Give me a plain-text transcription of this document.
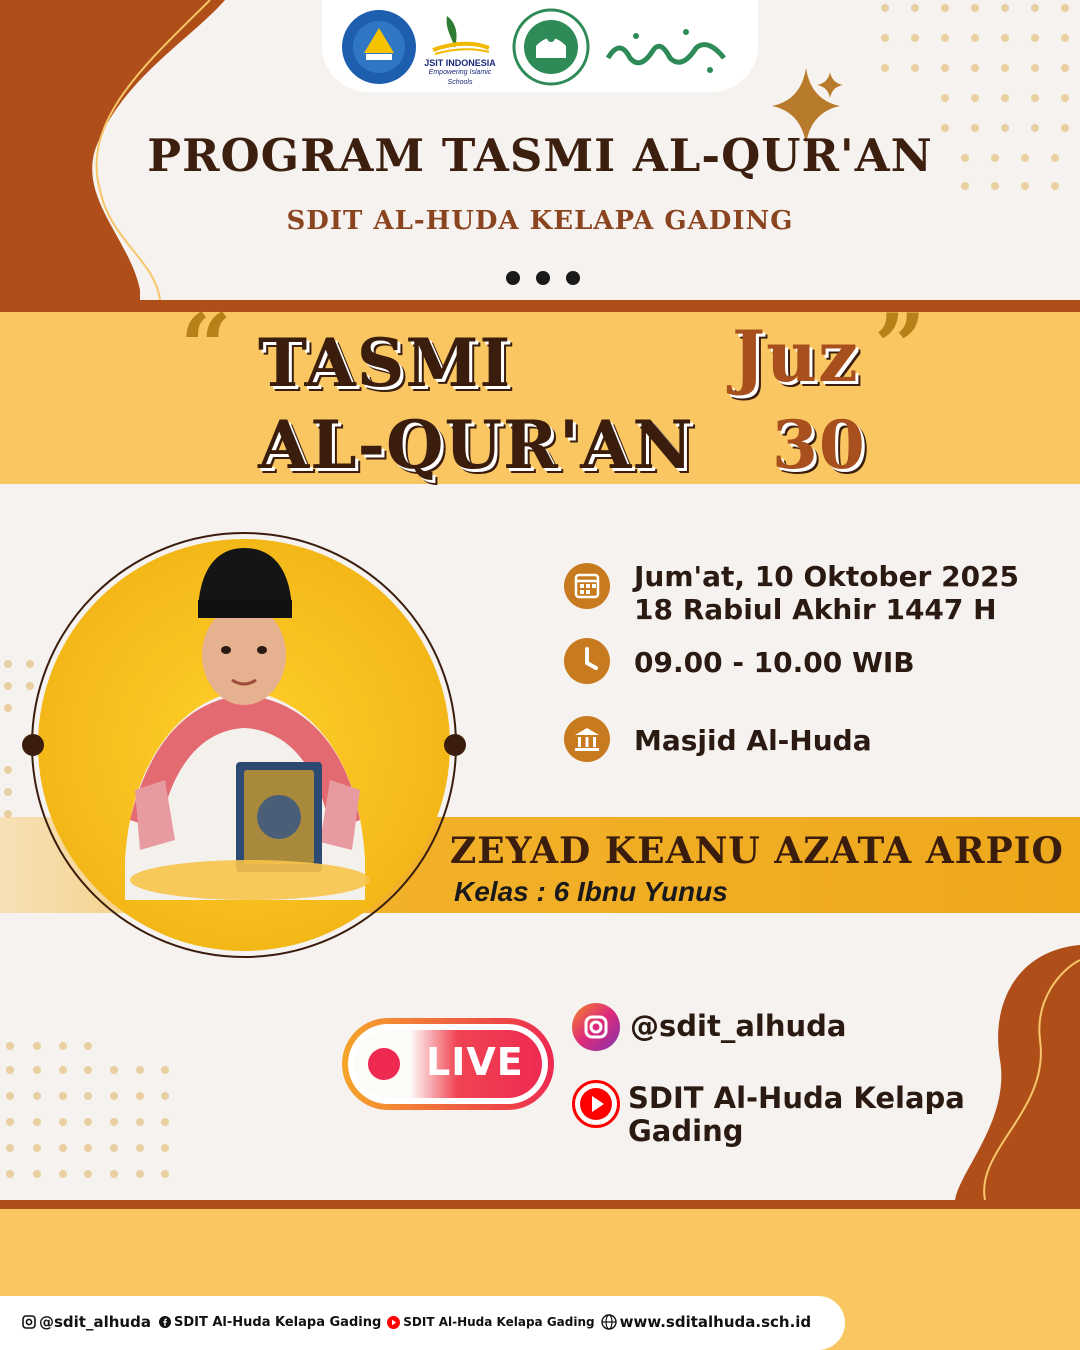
“	”
JSIT INDONESIA
Empowering Islamic Schools
PROGRAM TASMI AL-QUR'AN
SDIT AL-HUDA KELAPA GADING
TASMI
AL-QUR'AN
Juz
30
Jum'at, 10 Oktober 2025
18 Rabiul Akhir 1447 H
09.00 - 10.00 WIB
Masjid Al-Huda
ZEYAD KEANU AZATA ARPIO
Kelas : 6 Ibnu Yunus
LIVE
@sdit_alhuda
SDIT Al-Huda Kelapa
Gading
@sdit_alhuda SDIT Al-Huda Kelapa Gading SDIT Al-Huda Kelapa Gading www.sditalhuda.sch.id
